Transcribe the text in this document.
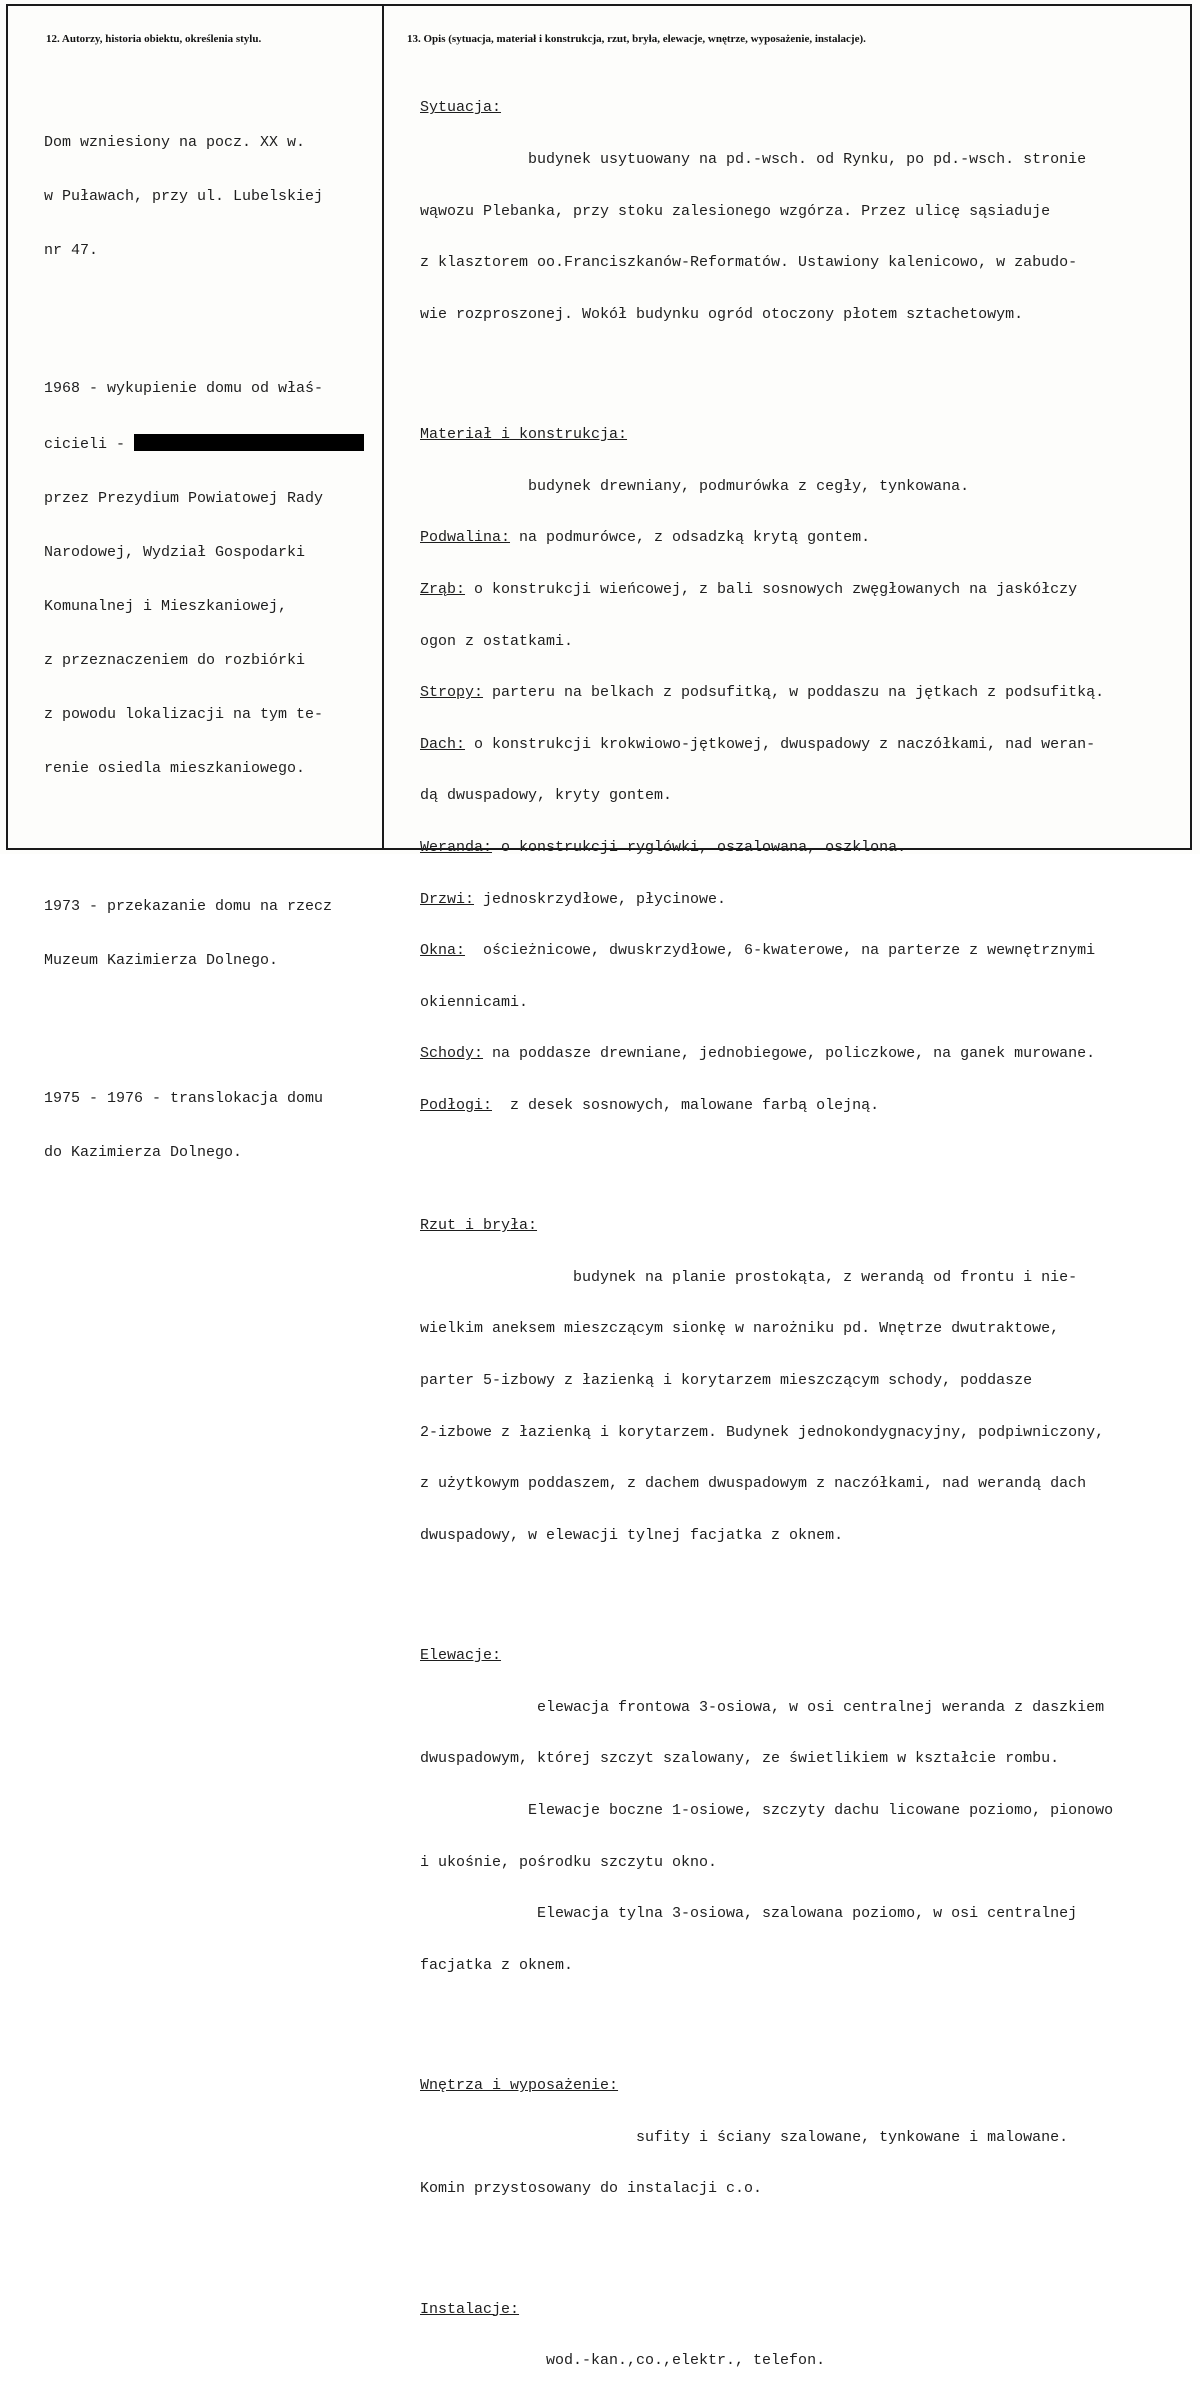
12. Autorzy, historia obiektu, określenia stylu.	13. Opis (sytuacja, materiał i konstrukcja, rzut, bryła, elewacje, wnętrze, wyposażenie, instalacje).

Dom wzniesiony na pocz. XX w.

w Puławach, przy ul. Lubelskiej

nr 47.

1968 - wykupienie domu od właś-

cicieli -

przez Prezydium Powiatowej Rady

Narodowej, Wydział Gospodarki

Komunalnej i Mieszkaniowej,

z przeznaczeniem do rozbiórki

z powodu lokalizacji na tym te-

renie osiedla mieszkaniowego.

1973 - przekazanie domu na rzecz

Muzeum Kazimierza Dolnego.

1975 - 1976 - translokacja domu

do Kazimierza Dolnego.

Sytuacja:

budynek usytuowany na pd.-wsch. od Rynku, po pd.-wsch. stronie

wąwozu Plebanka, przy stoku zalesionego wzgórza. Przez ulicę sąsiaduje

z klasztorem oo.Franciszkanów-Reformatów. Ustawiony kalenicowo, w zabudo-

wie rozproszonej. Wokół budynku ogród otoczony płotem sztachetowym.

Materiał i konstrukcja:

budynek drewniany, podmurówka z cegły, tynkowana.

Podwalina: na podmurówce, z odsadzką krytą gontem.

Zrąb: o konstrukcji wieńcowej, z bali sosnowych zwęgłowanych na jaskółczy

ogon z ostatkami.

Stropy: parteru na belkach z podsufitką, w poddaszu na jętkach z podsufitką.

Dach: o konstrukcji krokwiowo-jętkowej, dwuspadowy z naczółkami, nad weran-

dą dwuspadowy, kryty gontem.

Weranda: o konstrukcji ryglówki, oszalowana, oszklona.

Drzwi: jednoskrzydłowe, płycinowe.

Okna:  ościeżnicowe, dwuskrzydłowe, 6-kwaterowe, na parterze z wewnętrznymi

okiennicami.

Schody: na poddasze drewniane, jednobiegowe, policzkowe, na ganek murowane.

Podłogi:  z desek sosnowych, malowane farbą olejną.

Rzut i bryła:

budynek na planie prostokąta, z werandą od frontu i nie-

wielkim aneksem mieszczącym sionkę w narożniku pd. Wnętrze dwutraktowe,

parter 5-izbowy z łazienką i korytarzem mieszczącym schody, poddasze

2-izbowe z łazienką i korytarzem. Budynek jednokondygnacyjny, podpiwniczony,

z użytkowym poddaszem, z dachem dwuspadowym z naczółkami, nad werandą dach

dwuspadowy, w elewacji tylnej facjatka z oknem.

Elewacje:

elewacja frontowa 3-osiowa, w osi centralnej weranda z daszkiem

dwuspadowym, której szczyt szalowany, ze świetlikiem w kształcie rombu.

Elewacje boczne 1-osiowe, szczyty dachu licowane poziomo, pionowo

i ukośnie, pośrodku szczytu okno.

Elewacja tylna 3-osiowa, szalowana poziomo, w osi centralnej

facjatka z oknem.

Wnętrza i wyposażenie:

sufity i ściany szalowane, tynkowane i malowane.

Komin przystosowany do instalacji c.o.

Instalacje:

wod.-kan.,co.,elektr., telefon.
